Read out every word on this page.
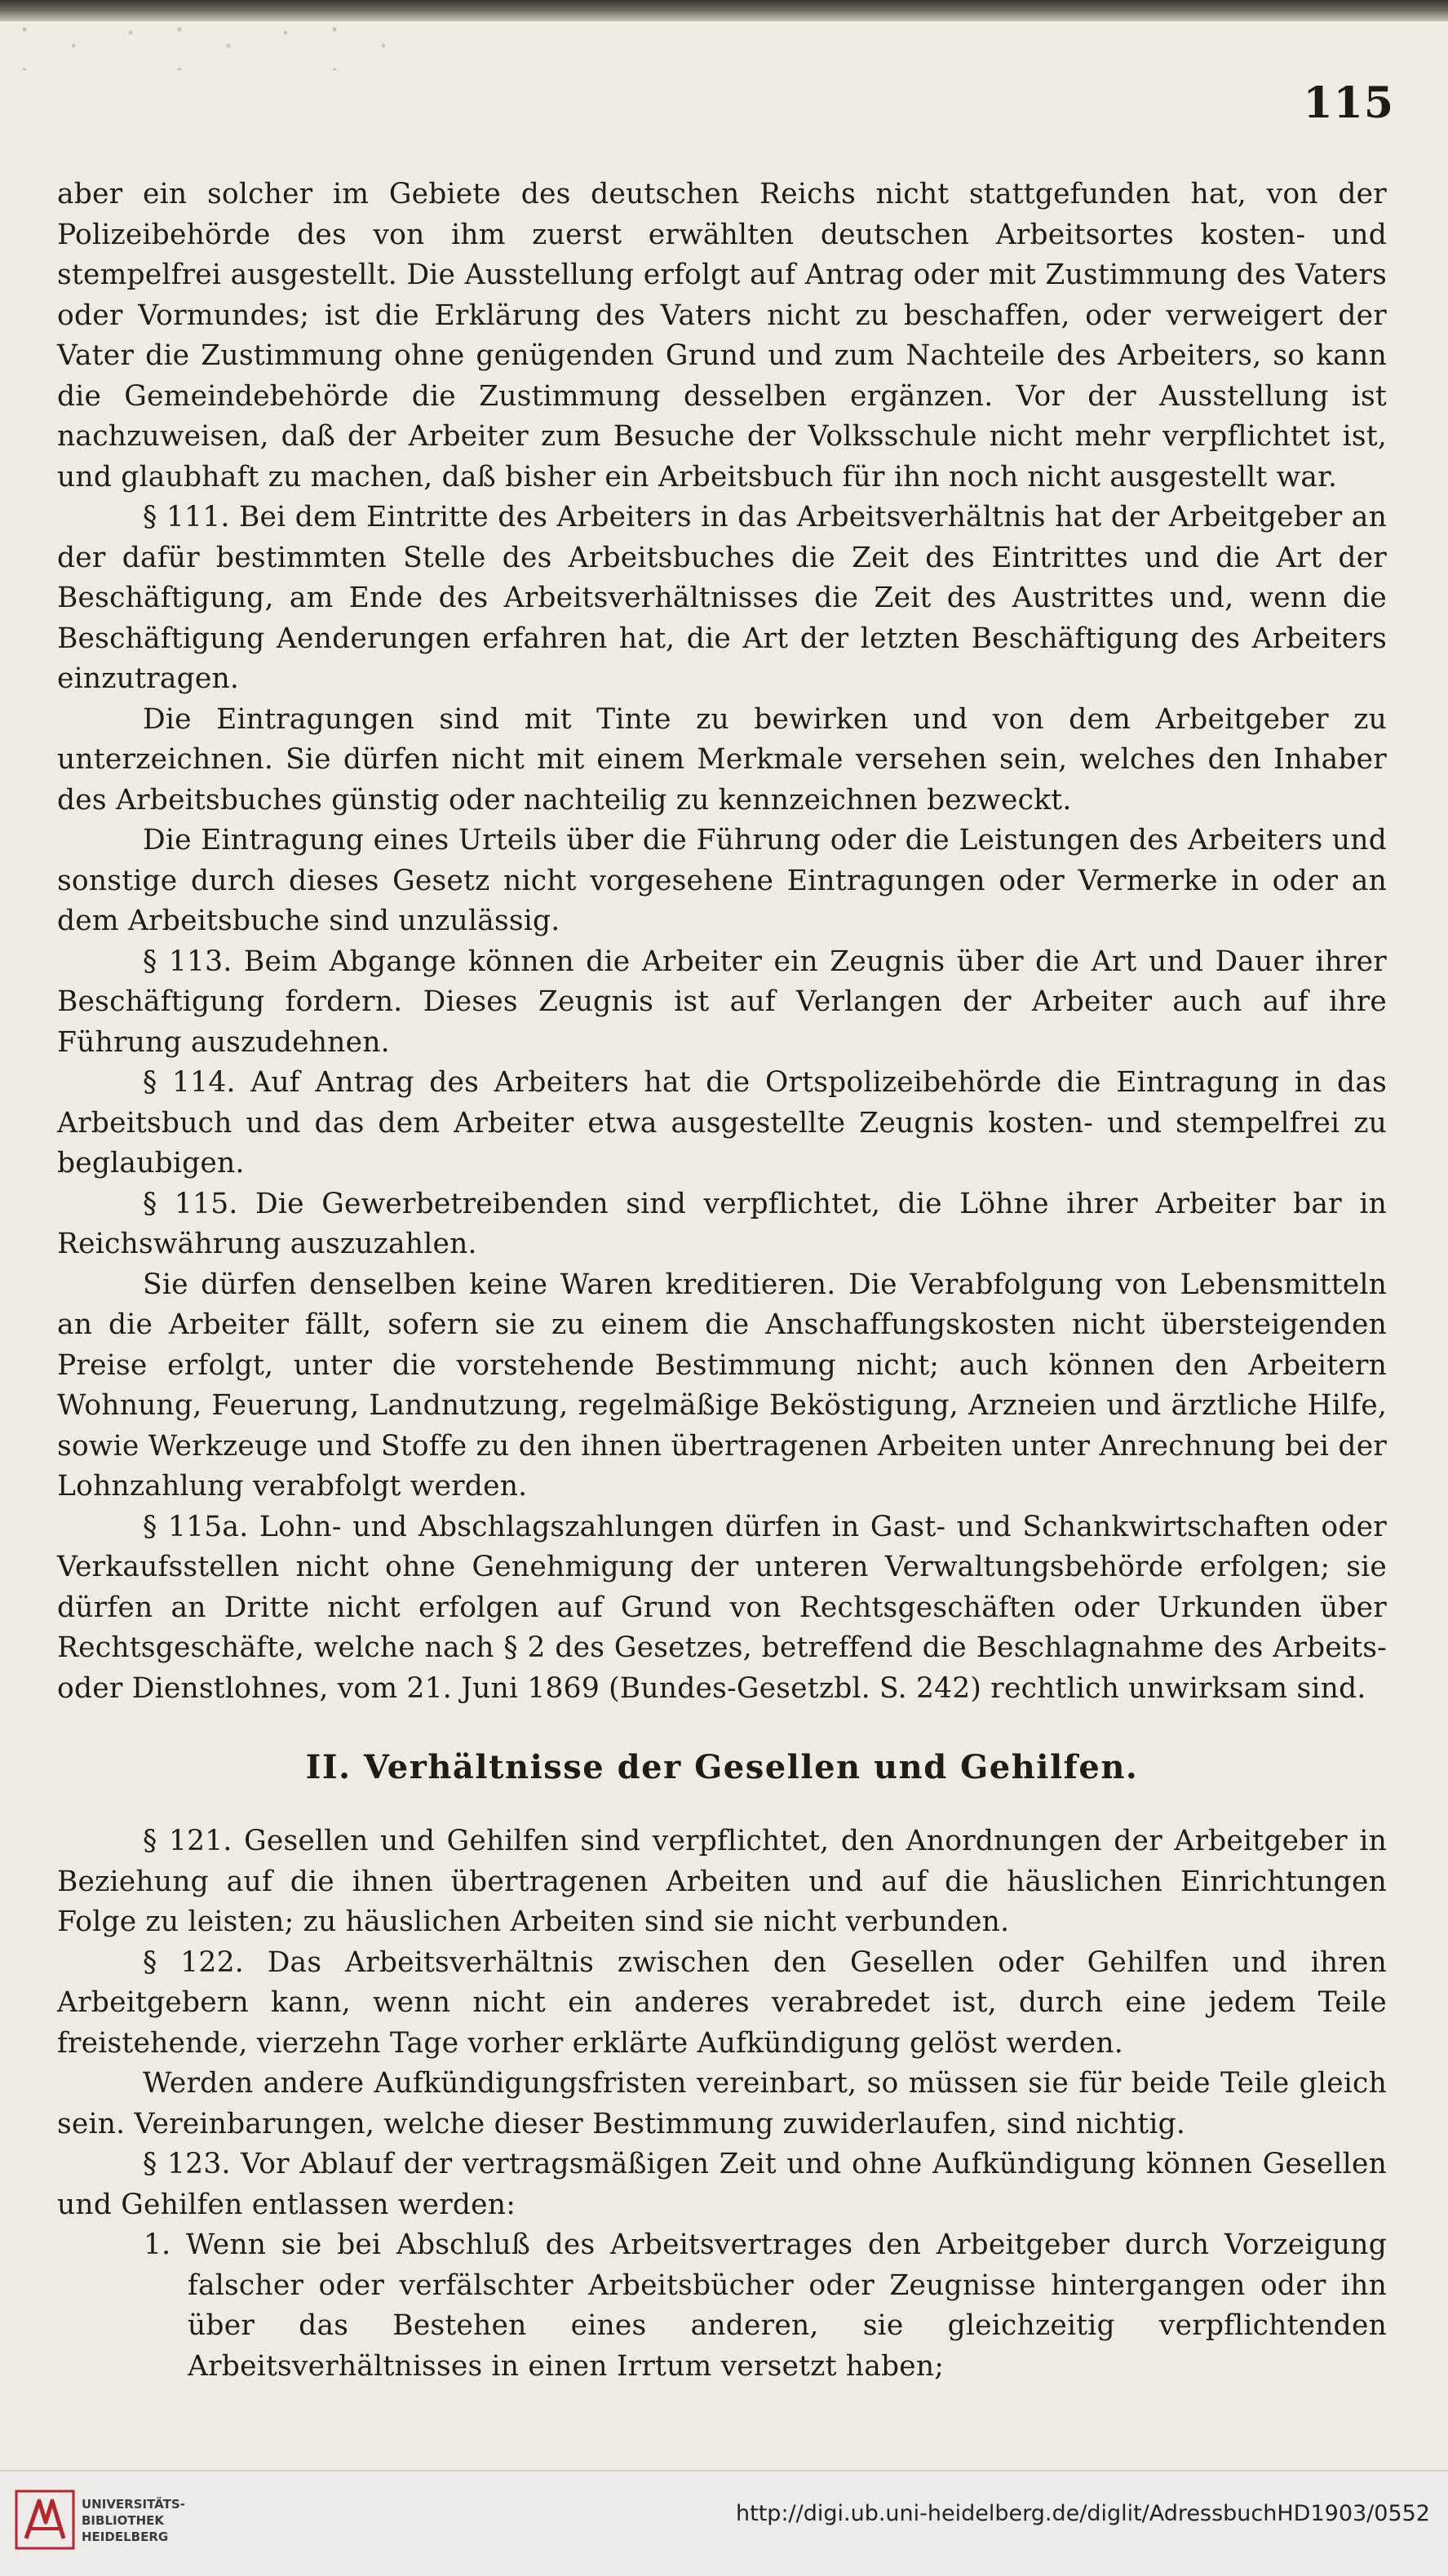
115

aber ein solcher im Gebiete des deutschen Reichs nicht stattgefunden hat, von der Polizeibehörde des von ihm zuerst erwählten deutschen Arbeitsortes kosten- und stempelfrei ausgestellt. Die Ausstellung erfolgt auf Antrag oder mit Zustimmung des Vaters oder Vormundes; ist die Erklärung des Vaters nicht zu beschaffen, oder verweigert der Vater die Zustimmung ohne genügenden Grund und zum Nachteile des Arbeiters, so kann die Gemeindebehörde die Zustimmung desselben ergänzen. Vor der Ausstellung ist nachzuweisen, daß der Arbeiter zum Besuche der Volksschule nicht mehr verpflichtet ist, und glaubhaft zu machen, daß bisher ein Arbeitsbuch für ihn noch nicht ausgestellt war.

§ 111. Bei dem Eintritte des Arbeiters in das Arbeitsverhältnis hat der Arbeitgeber an der dafür bestimmten Stelle des Arbeitsbuches die Zeit des Eintrittes und die Art der Beschäftigung, am Ende des Arbeitsverhältnisses die Zeit des Austrittes und, wenn die Beschäftigung Aenderungen erfahren hat, die Art der letzten Beschäftigung des Arbeiters einzutragen.

Die Eintragungen sind mit Tinte zu bewirken und von dem Arbeitgeber zu unterzeichnen. Sie dürfen nicht mit einem Merkmale versehen sein, welches den Inhaber des Arbeitsbuches günstig oder nachteilig zu kennzeichnen bezweckt.

Die Eintragung eines Urteils über die Führung oder die Leistungen des Arbeiters und sonstige durch dieses Gesetz nicht vorgesehene Eintragungen oder Vermerke in oder an dem Arbeitsbuche sind unzulässig.

§ 113. Beim Abgange können die Arbeiter ein Zeugnis über die Art und Dauer ihrer Beschäftigung fordern. Dieses Zeugnis ist auf Verlangen der Arbeiter auch auf ihre Führung auszudehnen.

§ 114. Auf Antrag des Arbeiters hat die Ortspolizeibehörde die Eintragung in das Arbeitsbuch und das dem Arbeiter etwa ausgestellte Zeugnis kosten- und stempelfrei zu beglaubigen.

§ 115. Die Gewerbetreibenden sind verpflichtet, die Löhne ihrer Arbeiter bar in Reichswährung auszuzahlen.

Sie dürfen denselben keine Waren kreditieren. Die Verabfolgung von Lebensmitteln an die Arbeiter fällt, sofern sie zu einem die Anschaffungskosten nicht übersteigenden Preise erfolgt, unter die vorstehende Bestimmung nicht; auch können den Arbeitern Wohnung, Feuerung, Landnutzung, regelmäßige Beköstigung, Arzneien und ärztliche Hilfe, sowie Werkzeuge und Stoffe zu den ihnen übertragenen Arbeiten unter Anrechnung bei der Lohnzahlung verabfolgt werden.

§ 115a. Lohn- und Abschlagszahlungen dürfen in Gast- und Schankwirtschaften oder Verkaufsstellen nicht ohne Genehmigung der unteren Verwaltungsbehörde erfolgen; sie dürfen an Dritte nicht erfolgen auf Grund von Rechtsgeschäften oder Urkunden über Rechtsgeschäfte, welche nach § 2 des Gesetzes, betreffend die Beschlagnahme des Arbeits- oder Dienstlohnes, vom 21. Juni 1869 (Bundes-Gesetzbl. S. 242) rechtlich unwirksam sind.

II. Verhältnisse der Gesellen und Gehilfen.

§ 121. Gesellen und Gehilfen sind verpflichtet, den Anordnungen der Arbeitgeber in Beziehung auf die ihnen übertragenen Arbeiten und auf die häuslichen Einrichtungen Folge zu leisten; zu häuslichen Arbeiten sind sie nicht verbunden.

§ 122. Das Arbeitsverhältnis zwischen den Gesellen oder Gehilfen und ihren Arbeitgebern kann, wenn nicht ein anderes verabredet ist, durch eine jedem Teile freistehende, vierzehn Tage vorher erklärte Aufkündigung gelöst werden.

Werden andere Aufkündigungsfristen vereinbart, so müssen sie für beide Teile gleich sein. Vereinbarungen, welche dieser Bestimmung zuwiderlaufen, sind nichtig.

§ 123. Vor Ablauf der vertragsmäßigen Zeit und ohne Aufkündigung können Gesellen und Gehilfen entlassen werden:

1. Wenn sie bei Abschluß des Arbeitsvertrages den Arbeitgeber durch Vorzeigung falscher oder verfälschter Arbeitsbücher oder Zeugnisse hintergangen oder ihn über das Bestehen eines anderen, sie gleichzeitig verpflichtenden Arbeitsverhältnisses in einen Irrtum versetzt haben;

UNIVERSITÄTS-
BIBLIOTHEK
HEIDELBERG
http://digi.ub.uni-heidelberg.de/diglit/AdressbuchHD1903/0552
